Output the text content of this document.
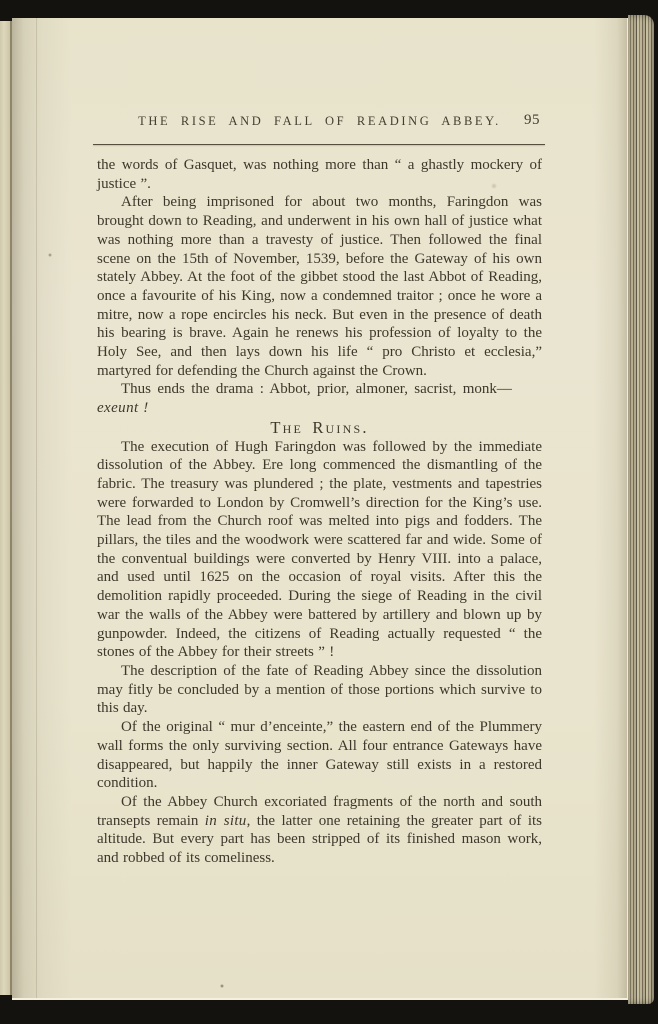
THE RISE AND FALL OF READING ABBEY. 95

the words of Gasquet, was nothing more than “ a ghastly mockery of justice ”.

After being imprisoned for about two months, Faringdon was brought down to Reading, and underwent in his own hall of justice what was nothing more than a travesty of justice. Then followed the final scene on the 15th of November, 1539, before the Gateway of his own stately Abbey. At the foot of the gibbet stood the last Abbot of Reading, once a favourite of his King, now a condemned traitor ; once he wore a mitre, now a rope encircles his neck. But even in the presence of death his bearing is brave. Again he renews his profession of loyalty to the Holy See, and then lays down his life “ pro Christo et ecclesia,” martyred for defending the Church against the Crown.

Thus ends the drama : Abbot, prior, almoner, sacrist, monk—
exeunt !
The Ruins.

The execution of Hugh Faringdon was followed by the immediate dissolution of the Abbey. Ere long commenced the dismantling of the fabric. The treasury was plundered ; the plate, vestments and tapestries were forwarded to London by Cromwell’s direction for the King’s use. The lead from the Church roof was melted into pigs and fodders. The pillars, the tiles and the woodwork were scattered far and wide. Some of the conventual buildings were converted by Henry VIII. into a palace, and used until 1625 on the occasion of royal visits. After this the demolition rapidly proceeded. During the siege of Reading in the civil war the walls of the Abbey were battered by artillery and blown up by gunpowder. Indeed, the citizens of Reading actually requested “ the stones of the Abbey for their streets ” !

The description of the fate of Reading Abbey since the dissolution may fitly be concluded by a mention of those portions which survive to this day.

Of the original “ mur d’enceinte,” the eastern end of the Plummery wall forms the only surviving section. All four entrance Gateways have disappeared, but happily the inner Gateway still exists in a restored condition.

Of the Abbey Church excoriated fragments of the north and south transepts remain in situ, the latter one retaining the greater part of its altitude. But every part has been stripped of its finished mason work, and robbed of its comeliness.
